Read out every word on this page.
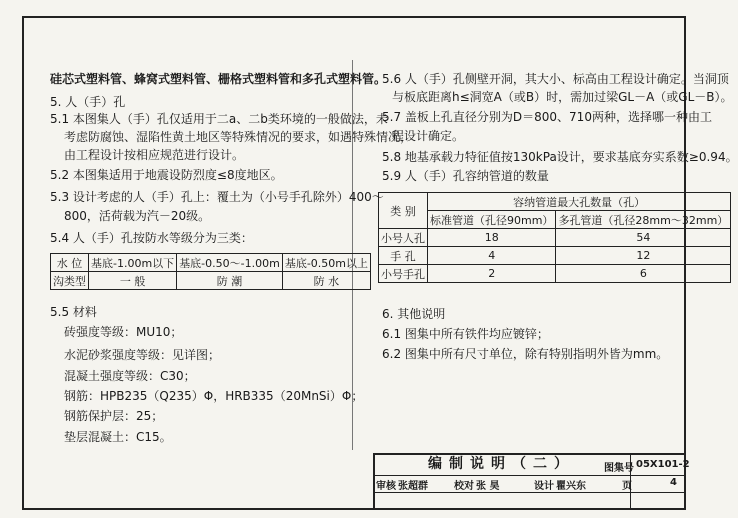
硅芯式塑料管、蜂窝式塑料管、栅格式塑料管和多孔式塑料管。
5. 人（手）孔
5.1 本图集人（手）孔仅适用于二a、二b类环境的一般做法，未
考虑防腐蚀、湿陷性黄土地区等特殊情况的要求，如遇特殊情况，
由工程设计按相应规范进行设计。
5.2 本图集适用于地震设防烈度≤8度地区。
5.3 设计考虑的人（手）孔上：覆土为（小号手孔除外）400～
800，活荷载为汽－20级。
5.4 人（手）孔按防水等级分为三类：
水 位	基底-1.00m以下	基底-0.50～-1.00m	基底-0.50m以上
沟类型	一 般	防 潮	防 水
5.5 材料
砖强度等级：MU10；
水泥砂浆强度等级：见详图；
混凝土强度等级：C30；
钢筋：HPB235（Q235）Φ，HRB335（20MnSi）Φ；
钢筋保护层：25；
垫层混凝土：C15。
5.6 人（手）孔侧壁开洞，其大小、标高由工程设计确定。当洞顶
与板底距离h≤洞宽A（或B）时，需加过梁GL－A（或GL－B）。
5.7 盖板上孔直径分别为D＝800、710两种，选择哪一种由工
程设计确定。
5.8 地基承载力特征值按130kPa设计，要求基底夯实系数≥0.94。
5.9 人（手）孔容纳管道的数量
类 别	容纳管道最大孔数量（孔）	
	标准管道（孔径90mm）	多孔管道（孔径28mm～32mm）
小号人孔	18	54
手 孔	4	12
小号手孔	2	6
6. 其他说明
6.1 图集中所有铁件均应镀锌；
6.2 图集中所有尺寸单位，除有特别指明外皆为mm。
编制说明（二）	图集号 05X101-2
审核 张超群	校对 张 昊	设计 瞿兴东	页	4
